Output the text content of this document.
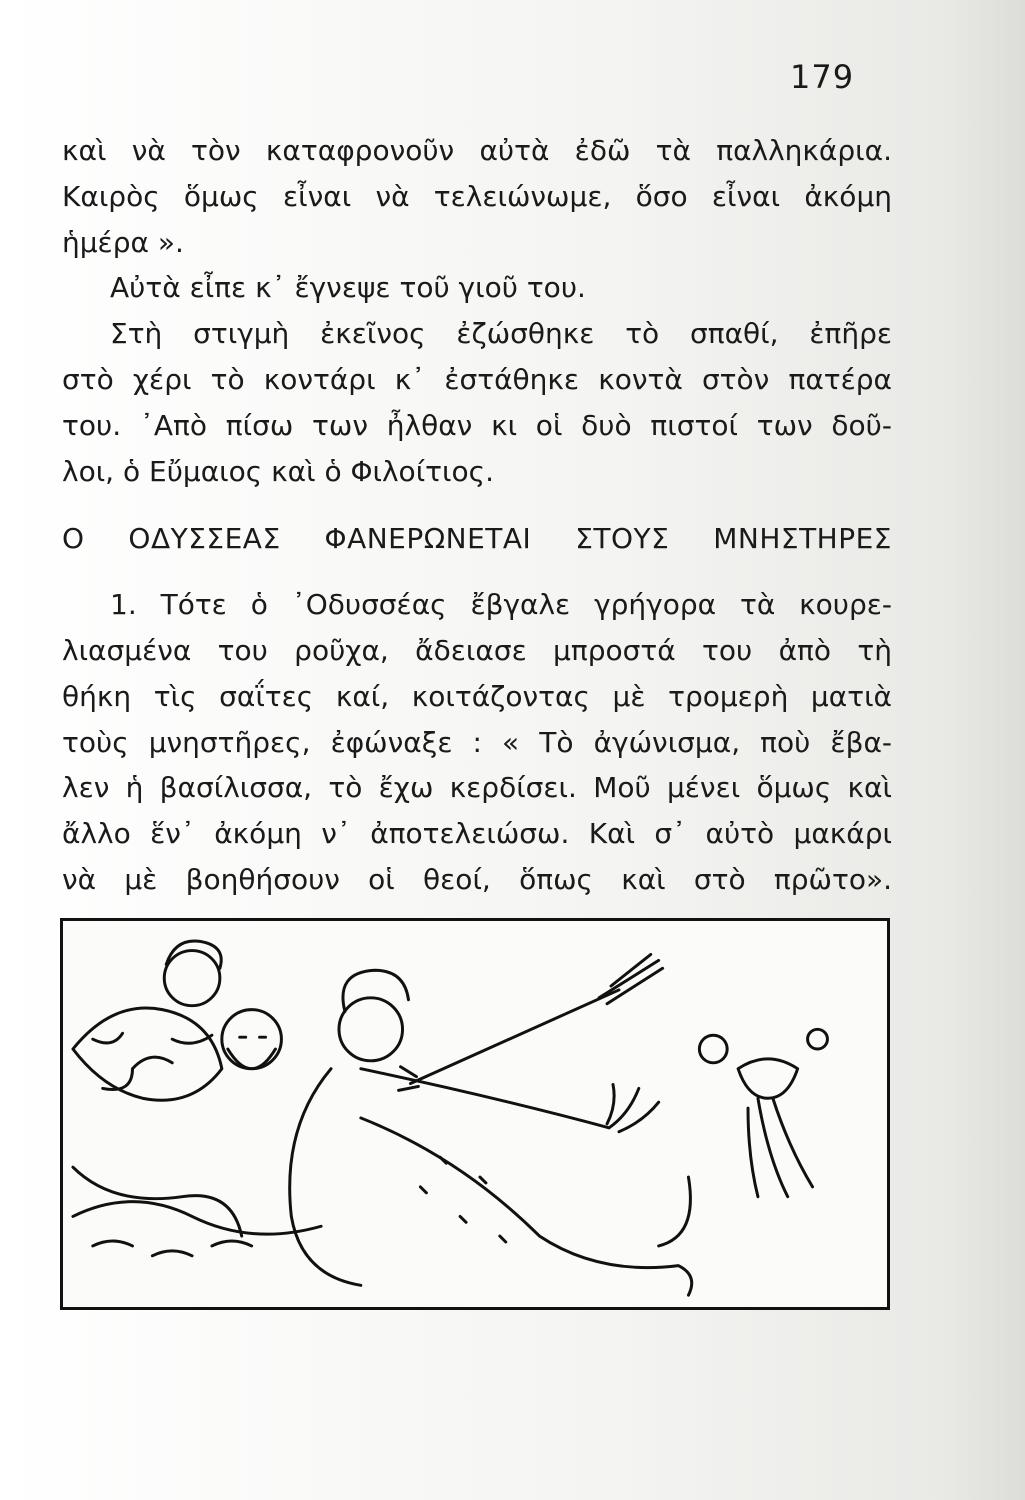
179
καὶ νὰ τὸν καταφρονοῦν αὐτὰ ἐδῶ τὰ παλληκάρια.
Καιρὸς ὅμως εἶναι νὰ τελειώνωμε, ὅσο εἶναι ἀκόμη
ἡμέρα ».
Αὐτὰ εἶπε κ᾿ ἔγνεψε τοῦ γιοῦ του.
Στὴ στιγμὴ ἐκεῖνος ἐζώσθηκε τὸ σπαθί, ἐπῆρε
στὸ χέρι τὸ κοντάρι κ᾿ ἐστάθηκε κοντὰ στὸν πατέρα
του. ᾿Απὸ πίσω των ἦλθαν κι οἱ δυὸ πιστοί των δοῦ-
λοι, ὁ Εὔμαιος καὶ ὁ Φιλοίτιος.
Ο ΟΔΥΣΣΕΑΣ ΦΑΝΕΡΩΝΕΤΑΙ ΣΤΟΥΣ ΜΝΗΣΤΗΡΕΣ
1. Τότε ὁ ᾿Οδυσσέας ἔβγαλε γρήγορα τὰ κουρε-
λιασμένα του ροῦχα, ἄδειασε μπροστά του ἀπὸ τὴ
θήκη τὶς σαΐτες καί, κοιτάζοντας μὲ τρομερὴ ματιὰ
τοὺς μνηστῆρες, ἐφώναξε : « Τὸ ἀγώνισμα, ποὺ ἔβα-
λεν ἡ βασίλισσα, τὸ ἔχω κερδίσει. Μοῦ μένει ὅμως καὶ
ἄλλο ἕν᾿ ἀκόμη ν᾿ ἀποτελειώσω. Καὶ σ᾿ αὐτὸ μακάρι
νὰ μὲ βοηθήσουν οἱ θεοί, ὅπως καὶ στὸ πρῶτο».
